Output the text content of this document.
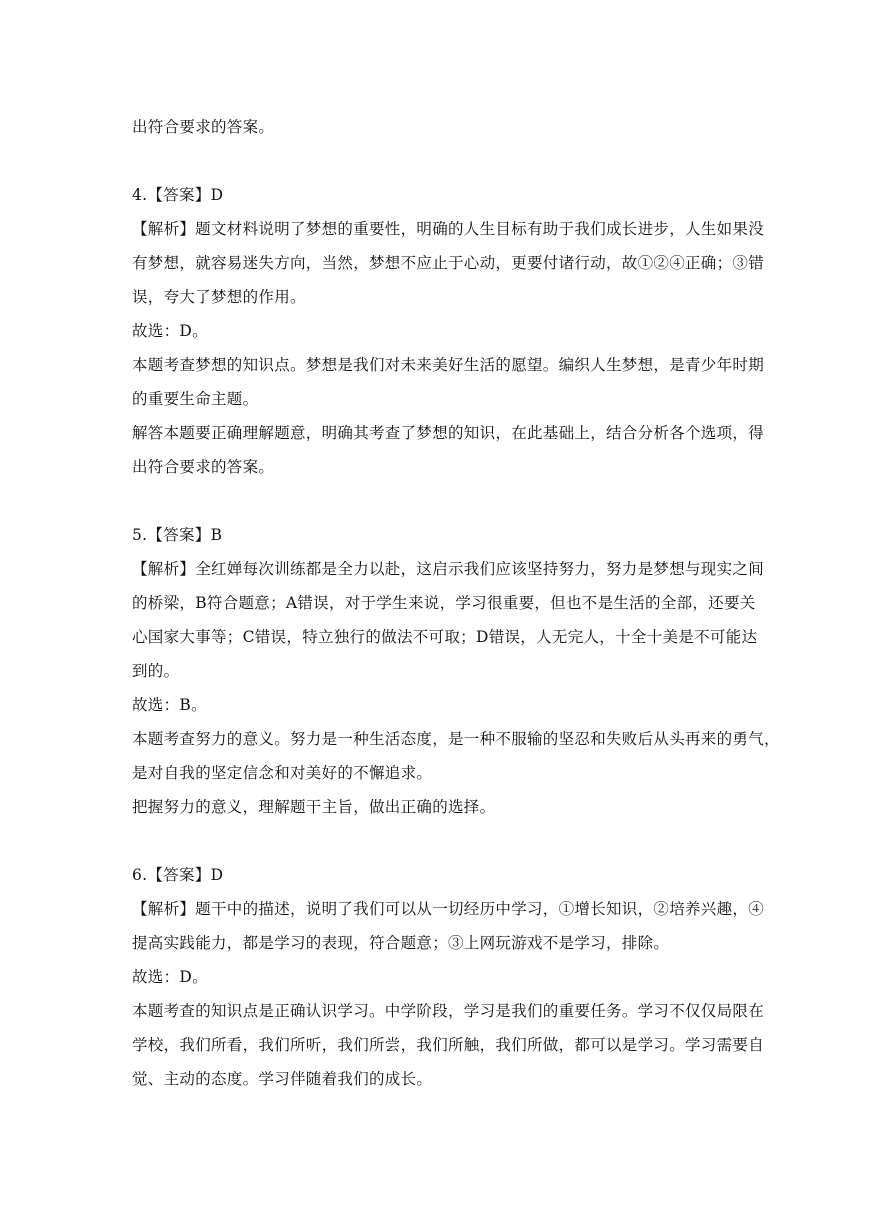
出符合要求的答案。
4.【答案】D
【解析】题文材料说明了梦想的重要性，明确的人生目标有助于我们成长进步，人生如果没
有梦想，就容易迷失方向，当然，梦想不应止于心动，更要付诸行动，故①②④正确；③错
误，夸大了梦想的作用。
故选：D。
本题考查梦想的知识点。梦想是我们对未来美好生活的愿望。编织人生梦想，是青少年时期
的重要生命主题。
解答本题要正确理解题意，明确其考查了梦想的知识，在此基础上，结合分析各个选项，得
出符合要求的答案。
5.【答案】B
【解析】全红婵每次训练都是全力以赴，这启示我们应该坚持努力，努力是梦想与现实之间
的桥梁，B符合题意；A错误，对于学生来说，学习很重要，但也不是生活的全部，还要关
心国家大事等；C错误，特立独行的做法不可取；D错误，人无完人，十全十美是不可能达
到的。
故选：B。
本题考查努力的意义。努力是一种生活态度，是一种不服输的坚忍和失败后从头再来的勇气，
是对自我的坚定信念和对美好的不懈追求。
把握努力的意义，理解题干主旨，做出正确的选择。
6.【答案】D
【解析】题干中的描述，说明了我们可以从一切经历中学习，①增长知识，②培养兴趣，④
提高实践能力，都是学习的表现，符合题意；③上网玩游戏不是学习，排除。
故选：D。
本题考查的知识点是正确认识学习。中学阶段，学习是我们的重要任务。学习不仅仅局限在
学校，我们所看，我们所听，我们所尝，我们所触，我们所做，都可以是学习。学习需要自
觉、主动的态度。学习伴随着我们的成长。
